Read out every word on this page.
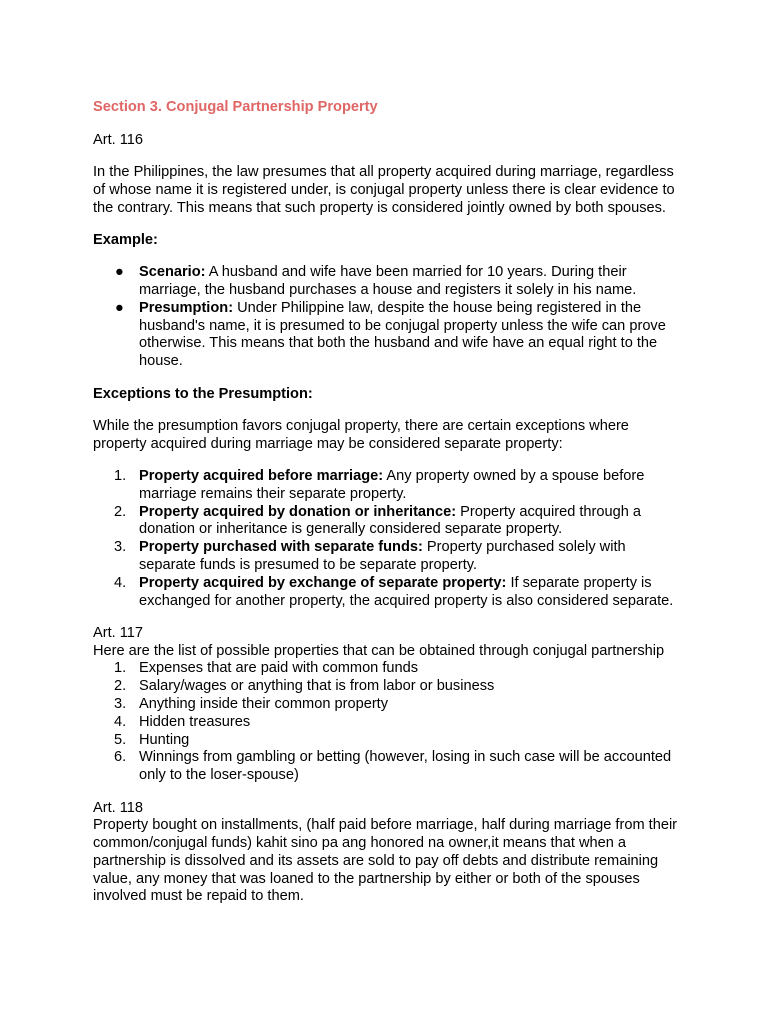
Section 3. Conjugal Partnership Property

Art. 116

In the Philippines, the law presumes that all property acquired during marriage, regardless of whose name it is registered under, is conjugal property unless there is clear evidence to the contrary. This means that such property is considered jointly owned by both spouses.

Example:

● Scenario: A husband and wife have been married for 10 years. During their marriage, the husband purchases a house and registers it solely in his name.
● Presumption: Under Philippine law, despite the house being registered in the husband's name, it is presumed to be conjugal property unless the wife can prove otherwise. This means that both the husband and wife have an equal right to the house.

Exceptions to the Presumption:

While the presumption favors conjugal property, there are certain exceptions where property acquired during marriage may be considered separate property:

1. Property acquired before marriage: Any property owned by a spouse before marriage remains their separate property.
2. Property acquired by donation or inheritance: Property acquired through a donation or inheritance is generally considered separate property.
3. Property purchased with separate funds: Property purchased solely with separate funds is presumed to be separate property.
4. Property acquired by exchange of separate property: If separate property is exchanged for another property, the acquired property is also considered separate.

Art. 117

Here are the list of possible properties that can be obtained through conjugal partnership

1. Expenses that are paid with common funds
2. Salary/wages or anything that is from labor or business
3. Anything inside their common property
4. Hidden treasures
5. Hunting
6. Winnings from gambling or betting (however, losing in such case will be accounted only to the loser-spouse)

Art. 118

Property bought on installments, (half paid before marriage, half during marriage from their common/conjugal funds) kahit sino pa ang honored na owner,it means that when a partnership is dissolved and its assets are sold to pay off debts and distribute remaining value, any money that was loaned to the partnership by either or both of the spouses involved must be repaid to them.
